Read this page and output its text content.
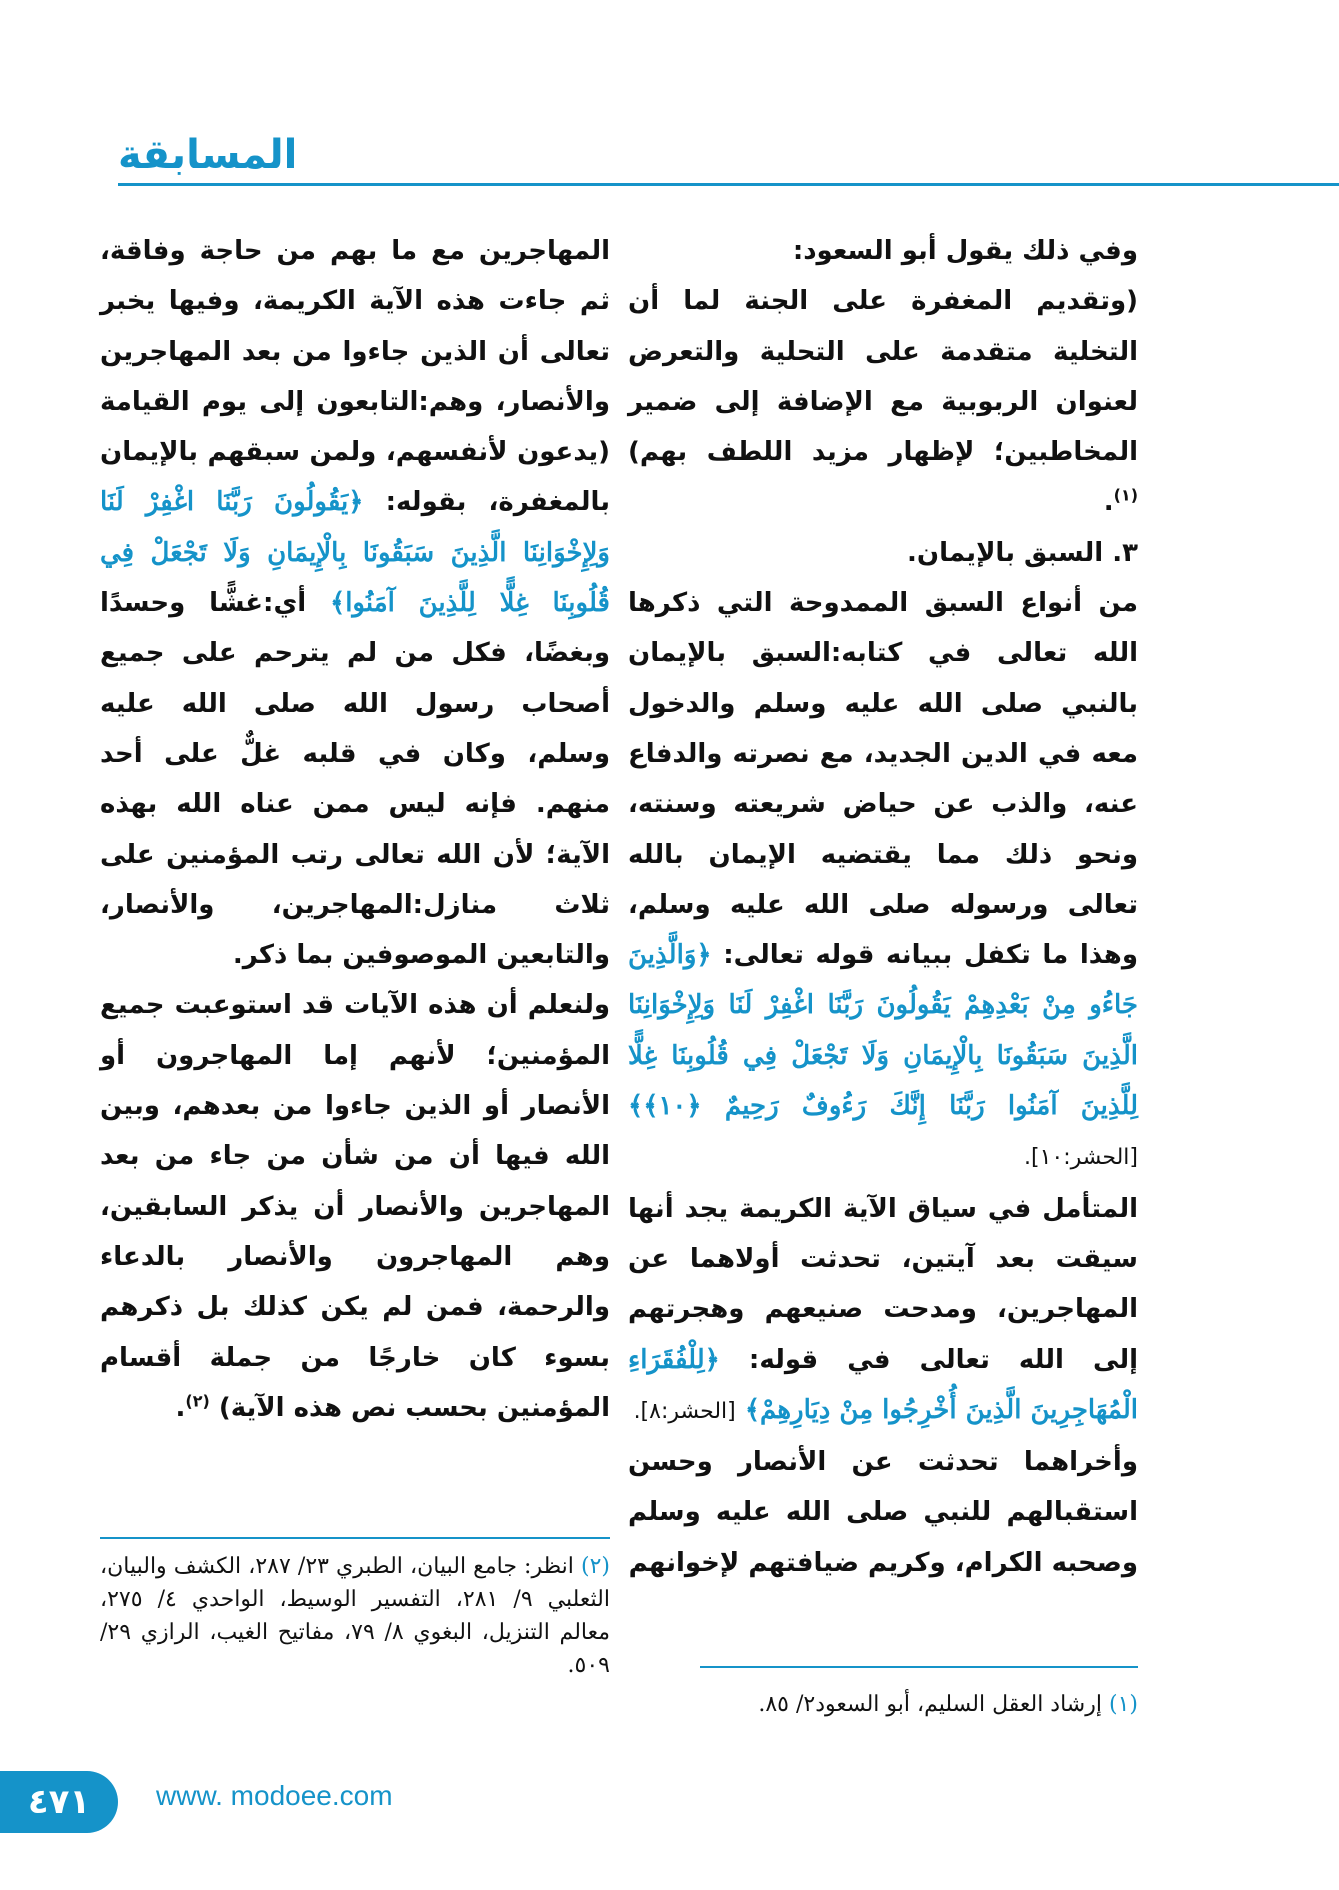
المسابقة

وفي ذلك يقول أبو السعود:

(وتقديم المغفرة على الجنة لما أن التخلية متقدمة على التحلية والتعرض لعنوان الربوبية مع الإضافة إلى ضمير المخاطبين؛ لإظهار مزيد اللطف بهم) $^{(١)}$.

٣. السبق بالإيمان.

من أنواع السبق الممدوحة التي ذكرها الله تعالى في كتابه:السبق بالإيمان بالنبي صلى الله عليه وسلم والدخول معه في الدين الجديد، مع نصرته والدفاع عنه، والذب عن حياض شريعته وسنته، ونحو ذلك مما يقتضيه الإيمان بالله تعالى ورسوله صلى الله عليه وسلم، وهذا ما تكفل ببيانه قوله تعالى: ﴿وَالَّذِينَ جَاءُو مِنْ بَعْدِهِمْ يَقُولُونَ رَبَّنَا اغْفِرْ لَنَا وَلِإِخْوَانِنَا الَّذِينَ سَبَقُونَا بِالْإِيمَانِ وَلَا تَجْعَلْ فِي قُلُوبِنَا غِلًّا لِلَّذِينَ آمَنُوا رَبَّنَا إِنَّكَ رَءُوفٌ رَحِيمٌ ﴿١٠﴾﴾ [الحشر:١٠].

المتأمل في سياق الآية الكريمة يجد أنها سيقت بعد آيتين، تحدثت أولاهما عن المهاجرين، ومدحت صنيعهم وهجرتهم إلى الله تعالى في قوله: ﴿لِلْفُقَرَاءِ الْمُهَاجِرِينَ الَّذِينَ أُخْرِجُوا مِنْ دِيَارِهِمْ﴾ [الحشر:٨].

وأخراهما تحدثت عن الأنصار وحسن استقبالهم للنبي صلى الله عليه وسلم وصحبه الكرام، وكريم ضيافتهم لإخوانهم

المهاجرين مع ما بهم من حاجة وفاقة، ثم جاءت هذه الآية الكريمة، وفيها يخبر تعالى أن الذين جاءوا من بعد المهاجرين والأنصار، وهم:التابعون إلى يوم القيامة (يدعون لأنفسهم، ولمن سبقهم بالإيمان بالمغفرة، بقوله: ﴿يَقُولُونَ رَبَّنَا اغْفِرْ لَنَا وَلِإِخْوَانِنَا الَّذِينَ سَبَقُونَا بِالْإِيمَانِ وَلَا تَجْعَلْ فِي قُلُوبِنَا غِلًّا لِلَّذِينَ آمَنُوا﴾ أي:غشًّا وحسدًا وبغضًا، فكل من لم يترحم على جميع أصحاب رسول الله صلى الله عليه وسلم، وكان في قلبه غلٌّ على أحد منهم. فإنه ليس ممن عناه الله بهذه الآية؛ لأن الله تعالى رتب المؤمنين على ثلاث منازل:المهاجرين، والأنصار، والتابعين الموصوفين بما ذكر.

ولنعلم أن هذه الآيات قد استوعبت جميع المؤمنين؛ لأنهم إما المهاجرون أو الأنصار أو الذين جاءوا من بعدهم، وبين الله فيها أن من شأن من جاء من بعد المهاجرين والأنصار أن يذكر السابقين، وهم المهاجرون والأنصار بالدعاء والرحمة، فمن لم يكن كذلك بل ذكرهم بسوء كان خارجًا من جملة أقسام المؤمنين بحسب نص هذه الآية) $^{(٢)}$.

(٢) انظر: جامع البيان، الطبري ٢٣/ ٢٨٧، الكشف والبيان، الثعلبي ٩/ ٢٨١، التفسير الوسيط، الواحدي ٤/ ٢٧٥، معالم التنزيل، البغوي ٨/ ٧٩، مفاتيح الغيب، الرازي ٢٩/ ٥٠٩.
(١) إرشاد العقل السليم، أبو السعود٢/ ٨٥.
٤٧١	www. modoee.com
